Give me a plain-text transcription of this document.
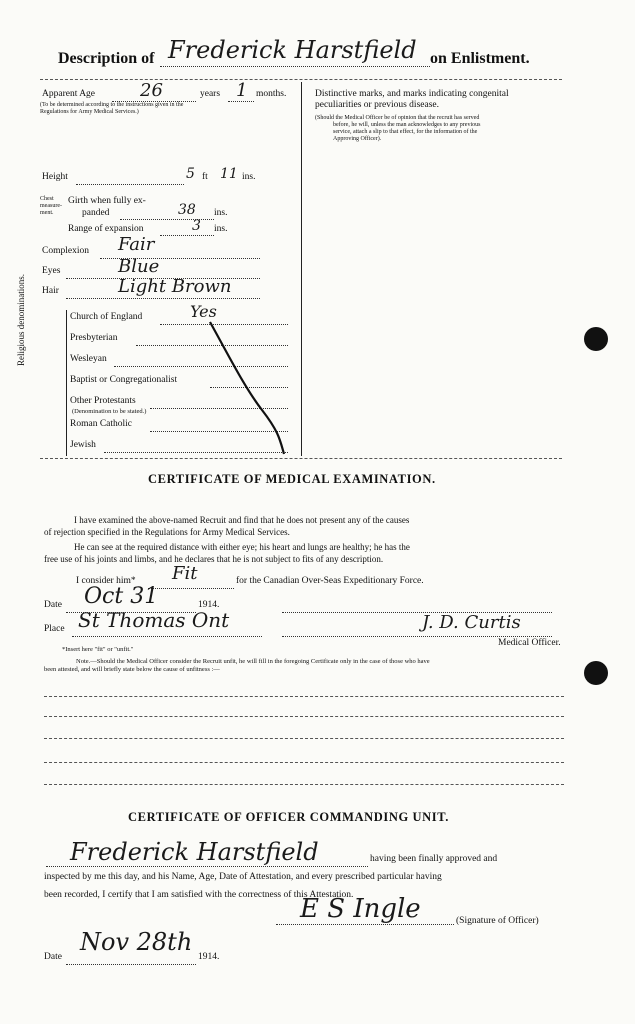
Description of Frederick Harstfield on Enlistment.
Apparent Age 26	years 1 months.
(To be determined according to the instructions given in the Regulations for Army Medical Services.)
Height	5 ft 11 ins.
Chest measure-ment.
Girth when fully ex-
panded	38 ins.
Range of expansion	3 ins.
Complexion Fair
Eyes	Blue
Hair	Light Brown
Religious denominations.	Church of England	Yes
Presbyterian
Wesleyan
Baptist or Congregationalist
Other Protestants
(Denomination to be stated.)
Roman Catholic
Jewish
Distinctive marks, and marks indicating congenital
peculiarities or previous disease.
(Should the Medical Officer be of opinion that the recruit has served
before, he will, unless the man acknowledges to any previous
service, attach a slip to that effect, for the information of the
Approving Officer).
CERTIFICATE OF MEDICAL EXAMINATION.
I have examined the above-named Recruit and find that he does not present any of the causes
of rejection specified in the Regulations for Army Medical Services.
He can see at the required distance with either eye; his heart and lungs are healthy; he has the
free use of his joints and limbs, and he declares that he is not subject to fits of any description.
I consider him* Fit	for the Canadian Over-Seas Expeditionary Force.
Date Oct 31	1914.
Place St Thomas Ont	J. D. Curtis
Medical Officer.
*Insert here "fit" or "unfit."
Note.—Should the Medical Officer consider the Recruit unfit, he will fill in the foregoing Certificate only in the case of those who have
been attested, and will briefly state below the cause of unfitness :—
CERTIFICATE OF OFFICER COMMANDING UNIT.
Frederick Harstfield	having been finally approved and
inspected by me this day, and his Name, Age, Date of Attestation, and every prescribed particular having
been recorded, I certify that I am satisfied with the correctness of this Attestation.
E S Ingle	(Signature of Officer)
Date
Nov 28th
1914.
